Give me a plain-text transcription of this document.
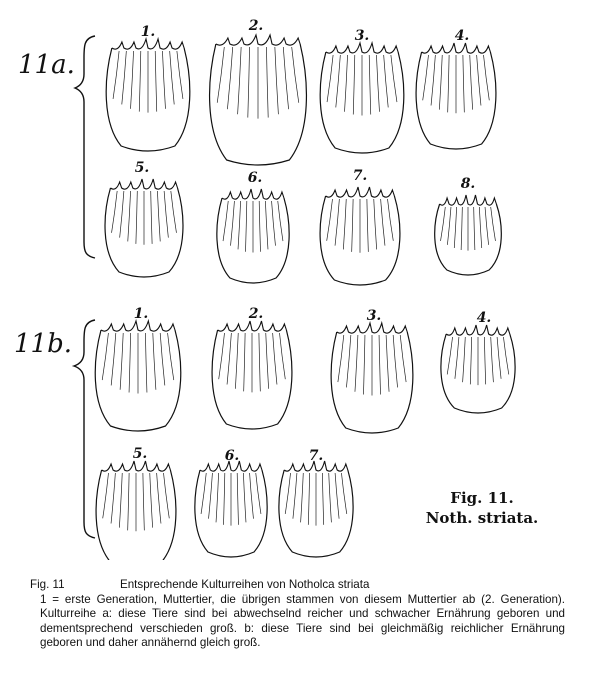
11a.
11b.
1.	2.
3.	4.
5.
6.	7.	8.
1.	2.	3.	4.
5.	6.	7.
Fig. 11.
Noth. striata.
Fig. 11	Entsprechende Kulturreihen von Notholca striata
1 = erste Generation, Muttertier, die übrigen stammen von diesem Muttertier ab (2. Generation). Kulturreihe a: diese Tiere sind bei abwechselnd reicher und schwacher Ernährung geboren und dementsprechend verschieden groß. b: diese Tiere sind bei gleichmäßig reichlicher Ernährung geboren und daher annähernd gleich groß.
